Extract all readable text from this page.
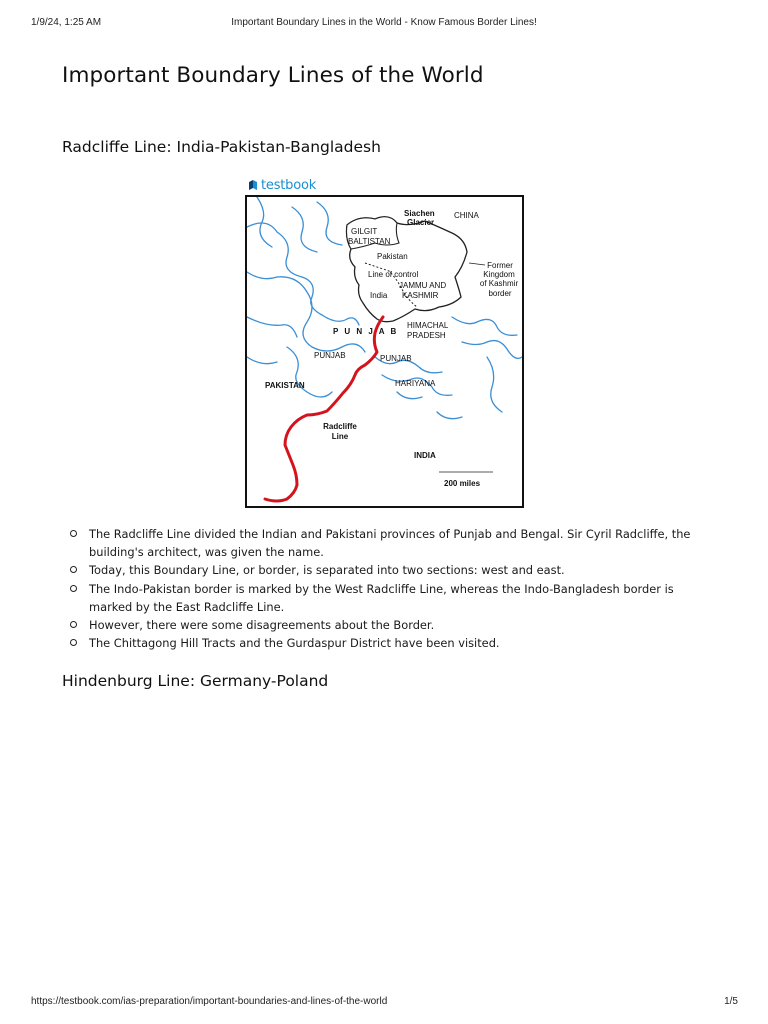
1/9/24, 1:25 AM	Important Boundary Lines in the World - Know Famous Border Lines!
Important Boundary Lines of the World
Radcliffe Line: India-Pakistan-Bangladesh
testbook
Siachen
Glacier
CHINA
GILGIT
BALTISTAN
Pakistan
Former
Kingdom
of Kashmir
border
Line of control
JAMMU AND
KASHMIR
India
P U N J A B
HIMACHAL
PRADESH
PUNJAB	PUNJAB
PAKISTAN	HARIYANA
Radcliffe
Line
INDIA
200 miles
The Radcliffe Line divided the Indian and Pakistani provinces of Punjab and Bengal. Sir Cyril Radcliffe, the building's architect, was given the name.
Today, this Boundary Line, or border, is separated into two sections: west and east.
The Indo-Pakistan border is marked by the West Radcliffe Line, whereas the Indo-Bangladesh border is marked by the East Radcliffe Line.
However, there were some disagreements about the Border.
The Chittagong Hill Tracts and the Gurdaspur District have been visited.
Hindenburg Line: Germany-Poland
https://testbook.com/ias-preparation/important-boundaries-and-lines-of-the-world	1/5
